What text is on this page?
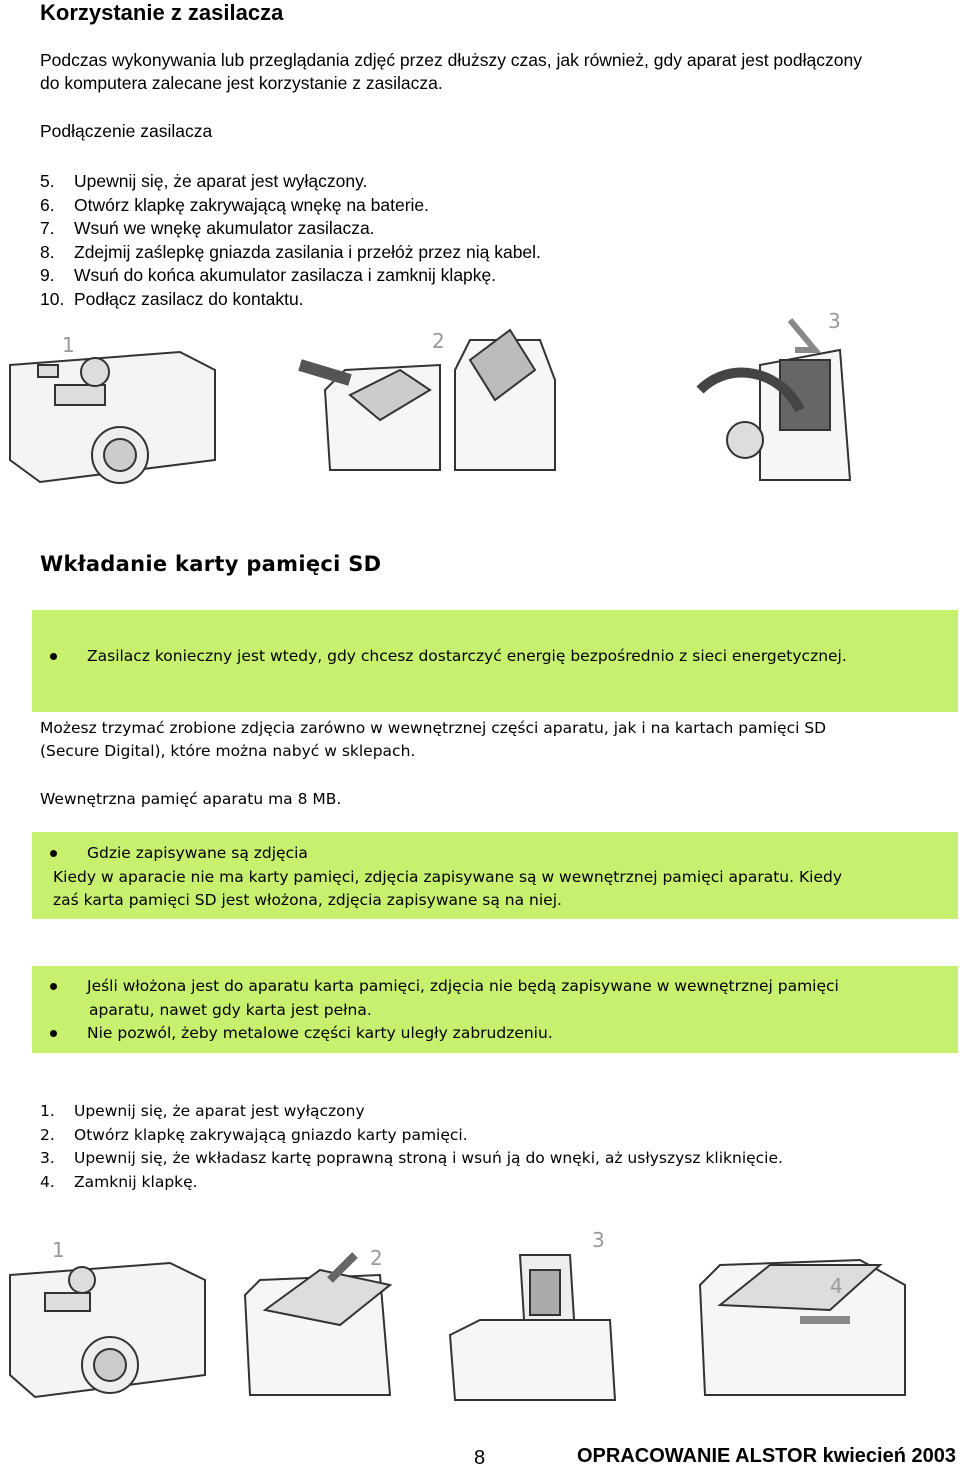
Korzystanie z zasilacza
Podczas wykonywania lub przeglądania zdjęć przez dłuższy czas, jak również, gdy aparat jest podłączony
do komputera zalecane jest korzystanie z zasilacza.
Podłączenie zasilacza
5. Upewnij się, że aparat jest wyłączony.
6. Otwórz klapkę zakrywającą wnękę na baterie.
7. Wsuń we wnękę akumulator zasilacza.
8. Zdejmij zaślepkę gniazda zasilania i przełóż przez nią kabel.
9. Wsuń do końca akumulator zasilacza i zamknij klapkę.
10. Podłącz zasilacz do kontaktu.
1	2
3
Wkładanie karty pamięci SD
Zasilacz konieczny jest wtedy, gdy chcesz dostarczyć energię bezpośrednio z sieci energetycznej.
Możesz trzymać zrobione zdjęcia zarówno w wewnętrznej części aparatu, jak i na kartach pamięci SD
(Secure Digital), które można nabyć w sklepach.
Wewnętrzna pamięć aparatu ma 8 MB.
Gdzie zapisywane są zdjęcia
Kiedy w aparacie nie ma karty pamięci, zdjęcia zapisywane są w wewnętrznej pamięci aparatu. Kiedy
zaś karta pamięci SD jest włożona, zdjęcia zapisywane są na niej.
Jeśli włożona jest do aparatu karta pamięci, zdjęcia nie będą zapisywane w wewnętrznej pamięci
aparatu, nawet gdy karta jest pełna.
Nie pozwól, żeby metalowe części karty uległy zabrudzeniu.
1. Upewnij się, że aparat jest wyłączony
2. Otwórz klapkę zakrywającą gniazdo karty pamięci.
3. Upewnij się, że wkładasz kartę poprawną stroną i wsuń ją do wnęki, aż usłyszysz kliknięcie.
4. Zamknij klapkę.
1	2
3
4
8	OPRACOWANIE ALSTOR kwiecień 2003
